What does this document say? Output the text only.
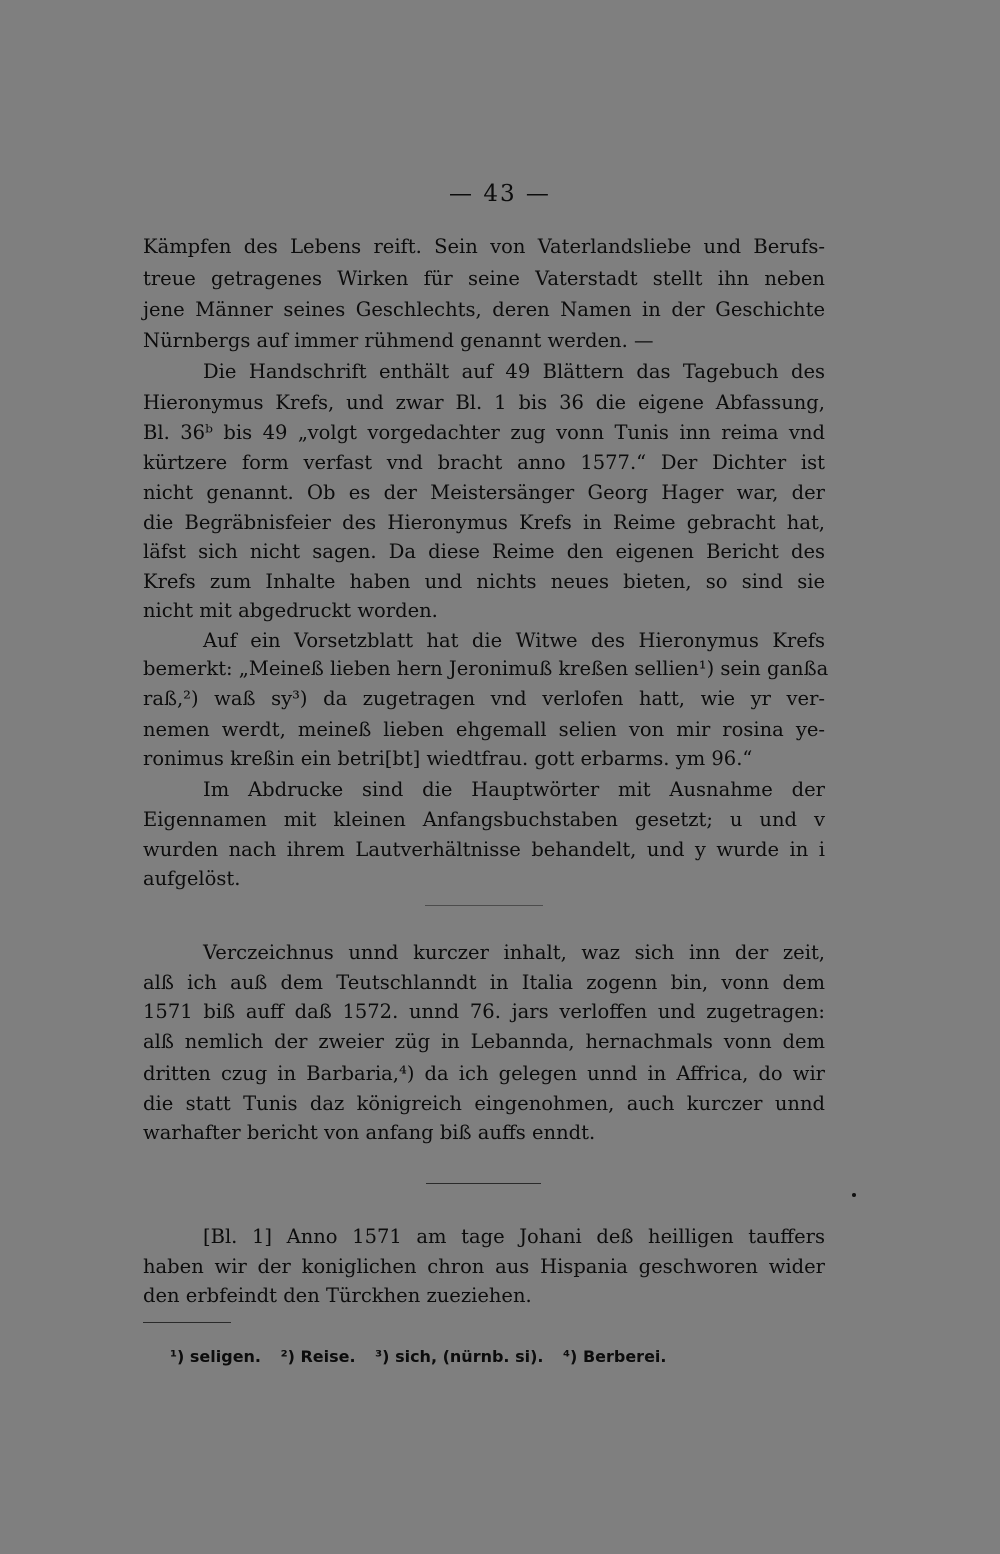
— 43 —
Kämpfen des Lebens reift. Sein von Vaterlandsliebe und Berufs-
treue getragenes Wirken für seine Vaterstadt stellt ihn neben
jene Männer seines Geschlechts, deren Namen in der Geschichte
Nürnbergs auf immer rühmend genannt werden. —
Die Handschrift enthält auf 49 Blättern das Tagebuch des
Hieronymus Krefs, und zwar Bl. 1 bis 36 die eigene Abfassung,
Bl. 36ᵇ bis 49 „volgt vorgedachter zug vonn Tunis inn reima vnd
kürtzere form verfast vnd bracht anno 1577.“ Der Dichter ist
nicht genannt. Ob es der Meistersänger Georg Hager war, der
die Begräbnisfeier des Hieronymus Krefs in Reime gebracht hat,
läfst sich nicht sagen. Da diese Reime den eigenen Bericht des
Krefs zum Inhalte haben und nichts neues bieten, so sind sie
nicht mit abgedruckt worden.
Auf ein Vorsetzblatt hat die Witwe des Hieronymus Krefs
bemerkt: „Meineß lieben hern Jeronimuß kreßen sellien¹) sein ganßa
raß,²) waß sy³) da zugetragen vnd verlofen hatt, wie yr ver-
nemen werdt, meineß lieben ehgemall selien von mir rosina ye-
ronimus kreßin ein betri[bt] wiedtfrau. gott erbarms. ym 96.“
Im Abdrucke sind die Hauptwörter mit Ausnahme der
Eigennamen mit kleinen Anfangsbuchstaben gesetzt; u und v
wurden nach ihrem Lautverhältnisse behandelt, und y wurde in i
aufgelöst.
Verczeichnus unnd kurczer inhalt, waz sich inn der zeit,
alß ich auß dem Teutschlanndt in Italia zogenn bin, vonn dem
1571 biß auff daß 1572. unnd 76. jars verloffen und zugetragen:
alß nemlich der zweier züg in Lebannda, hernachmals vonn dem
dritten czug in Barbaria,⁴) da ich gelegen unnd in Affrica, do wir
die statt Tunis daz königreich eingenohmen, auch kurczer unnd
warhafter bericht von anfang biß auffs enndt.
[Bl. 1] Anno 1571 am tage Johani deß heilligen tauffers
haben wir der koniglichen chron aus Hispania geschworen wider
den erbfeindt den Türckhen zueziehen.
¹) seligen. ²) Reise. ³) sich, (nürnb. si). ⁴) Berberei.
